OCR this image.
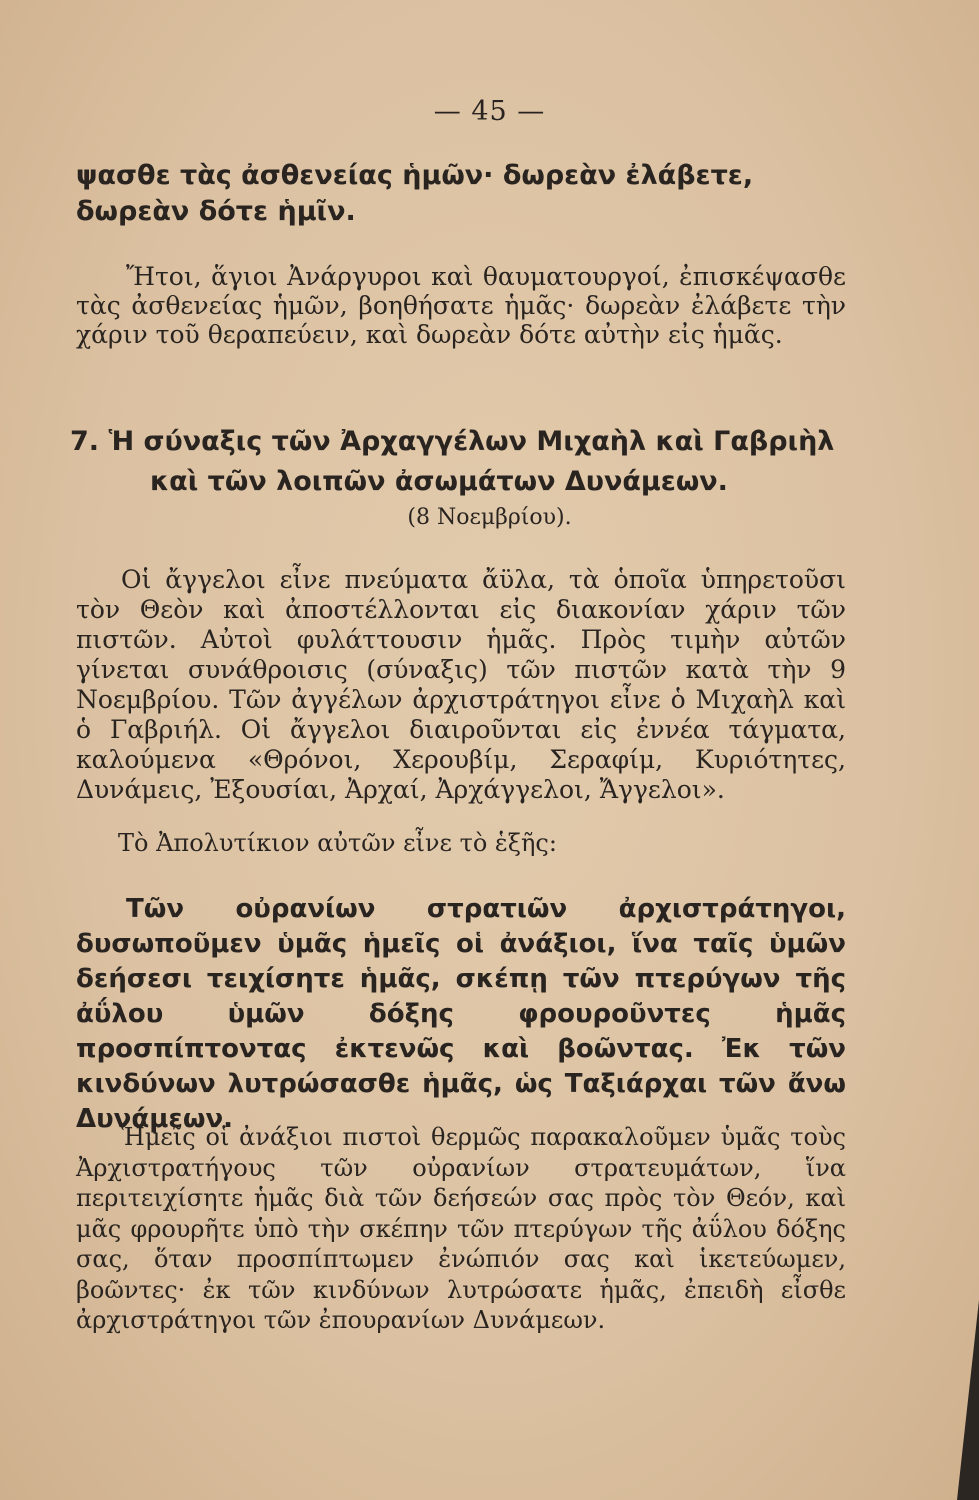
— 45 —

ψασθε τὰς ἀσθενείας ἡμῶν· δωρεὰν ἐλάβετε, δωρεὰν δότε ἡμῖν.

Ἤτοι, ἅγιοι Ἀνάργυροι καὶ θαυματουργοί, ἐπισκέψασθε τὰς ἀσθενείας ἡμῶν, βοηθήσατε ἡμᾶς· δωρεὰν ἐλάβετε τὴν χάριν τοῦ θεραπεύειν, καὶ δωρεὰν δότε αὐτὴν εἰς ἡμᾶς.

7. Ἡ σύναξις τῶν Ἀρχαγγέλων Μιχαὴλ καὶ Γαβριὴλ
καὶ τῶν λοιπῶν ἀσωμάτων Δυνάμεων.
(8 Νοεμβρίου).

Οἱ ἄγγελοι εἶνε πνεύματα ἄϋλα, τὰ ὁποῖα ὑπηρετοῦσι τὸν Θεὸν καὶ ἀποστέλλονται εἰς διακονίαν χάριν τῶν πιστῶν. Αὐτοὶ φυλάττουσιν ἡμᾶς. Πρὸς τιμὴν αὐτῶν γίνεται συνάθροισις (σύναξις) τῶν πιστῶν κατὰ τὴν 9 Νοεμβρίου. Τῶν ἀγγέλων ἀρχιστράτηγοι εἶνε ὁ Μιχαὴλ καὶ ὁ Γαβριήλ. Οἱ ἄγγελοι διαιροῦνται εἰς ἐννέα τάγματα, καλούμενα «Θρόνοι, Χερουβίμ, Σεραφίμ, Κυριότητες, Δυνάμεις, Ἐξουσίαι, Ἀρχαί, Ἀρχάγγελοι, Ἄγγελοι».

Τὸ Ἀπολυτίκιον αὐτῶν εἶνε τὸ ἑξῆς:

Τῶν οὐρανίων στρατιῶν ἀρχιστράτηγοι, δυσωποῦμεν ὑμᾶς ἡμεῖς οἱ ἀνάξιοι, ἵνα ταῖς ὑμῶν δεήσεσι τειχίσητε ἡμᾶς, σκέπῃ τῶν πτερύγων τῆς ἀΰλου ὑμῶν δόξης φρουροῦντες ἡμᾶς προσπίπτοντας ἐκτενῶς καὶ βοῶντας. Ἐκ τῶν κινδύνων λυτρώσασθε ἡμᾶς, ὡς Ταξιάρχαι τῶν ἄνω Δυνάμεων.

Ἡμεῖς οἱ ἀνάξιοι πιστοὶ θερμῶς παρακαλοῦμεν ὑμᾶς τοὺς Ἀρχιστρατήγους τῶν οὐρανίων στρατευμάτων, ἵνα περιτειχίσητε ἡμᾶς διὰ τῶν δεήσεών σας πρὸς τὸν Θεόν, καὶ μᾶς φρουρῆτε ὑπὸ τὴν σκέπην τῶν πτερύγων τῆς ἀΰλου δόξης σας, ὅταν προσπίπτωμεν ἐνώπιόν σας καὶ ἱκετεύωμεν, βοῶντες· ἐκ τῶν κινδύνων λυτρώσατε ἡμᾶς, ἐπειδὴ εἶσθε ἀρχιστράτηγοι τῶν ἐπουρανίων Δυνάμεων.
